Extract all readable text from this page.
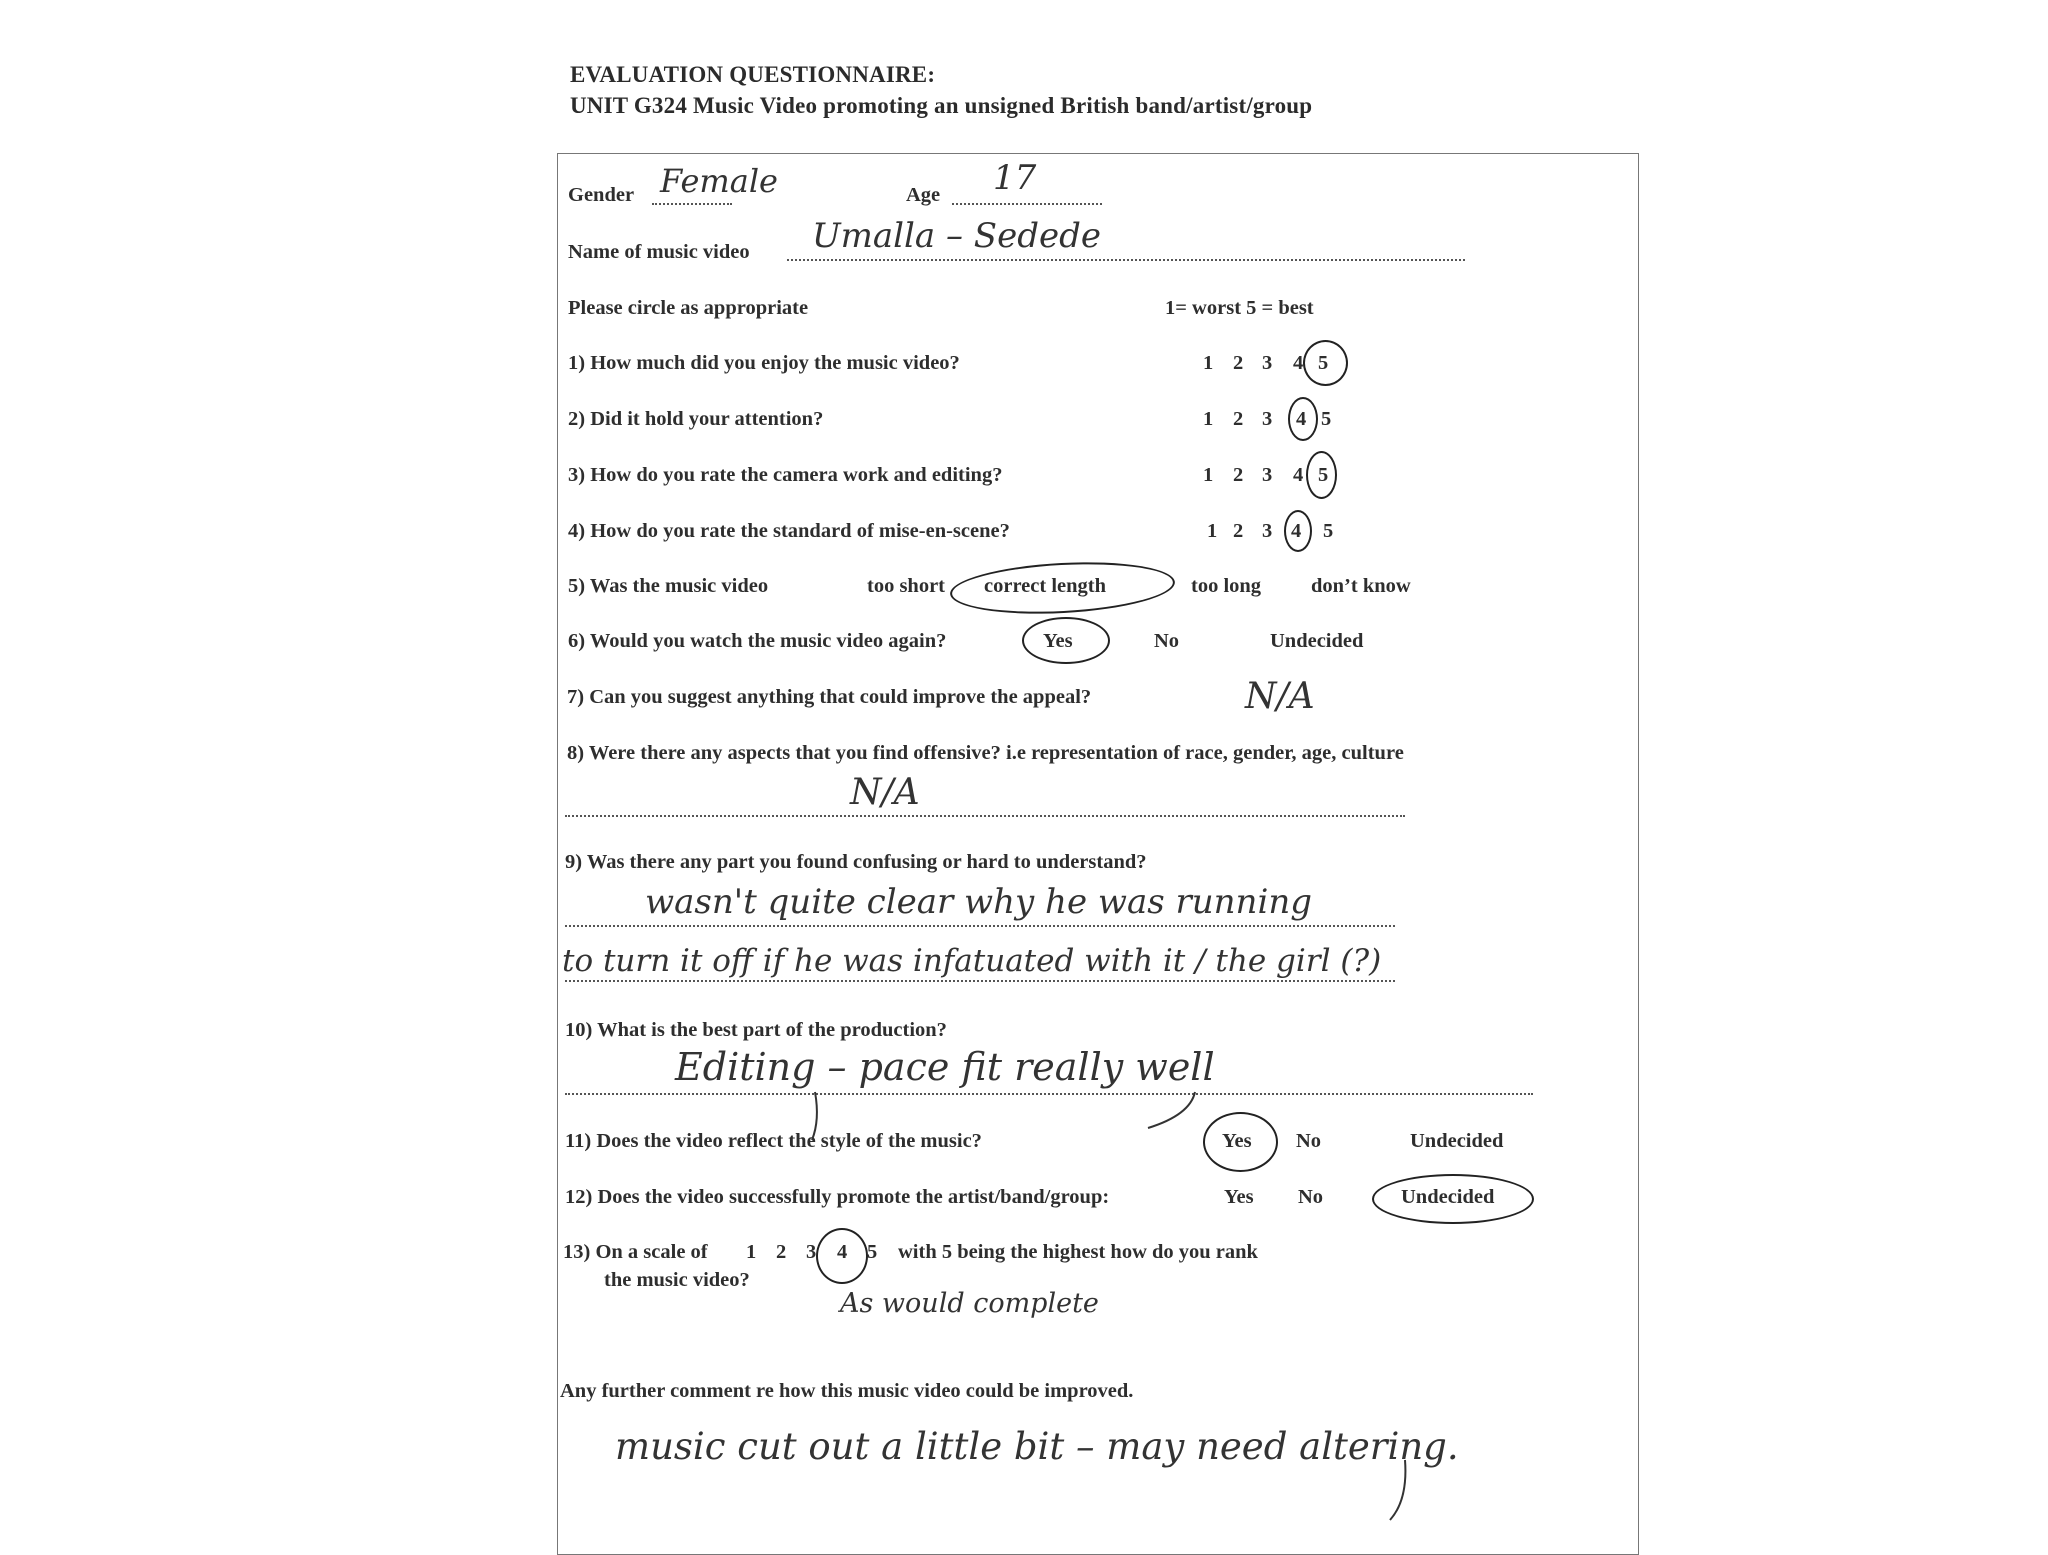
EVALUATION QUESTIONNAIRE:
UNIT G324 Music Video promoting an unsigned British band/artist/group
Gender Female	Age 17
Name of music video Umalla – Sedede
Please circle as appropriate	1= worst 5 = best
1) How much did you enjoy the music video?	1 2 3 4 5
2) Did it hold your attention?	1 2 3 4 5
3) How do you rate the camera work and editing?	1 2 3 4 5
4) How do you rate the standard of mise-en-scene?	1 2 3 4 5
5) Was the music video	too short correct length	too long don’t know
6) Would you watch the music video again?	Yes	No	Undecided
7) Can you suggest anything that could improve the appeal?	N/A
8) Were there any aspects that you find offensive? i.e representation of race, gender, age, culture
N/A
9) Was there any part you found confusing or hard to understand?
wasn't quite clear why he was running
to turn it off if he was infatuated with it / the girl (?)
10) What is the best part of the production?
Editing – pace fit really well
11) Does the video reflect the style of the music?	Yes No	Undecided
12) Does the video successfully promote the artist/band/group:	Yes No	Undecided
13) On a scale of 1 2 3 4 5 with 5 being the highest how do you rank
the music video?
As would complete
Any further comment re how this music video could be improved.
music cut out a little bit – may need altering.
